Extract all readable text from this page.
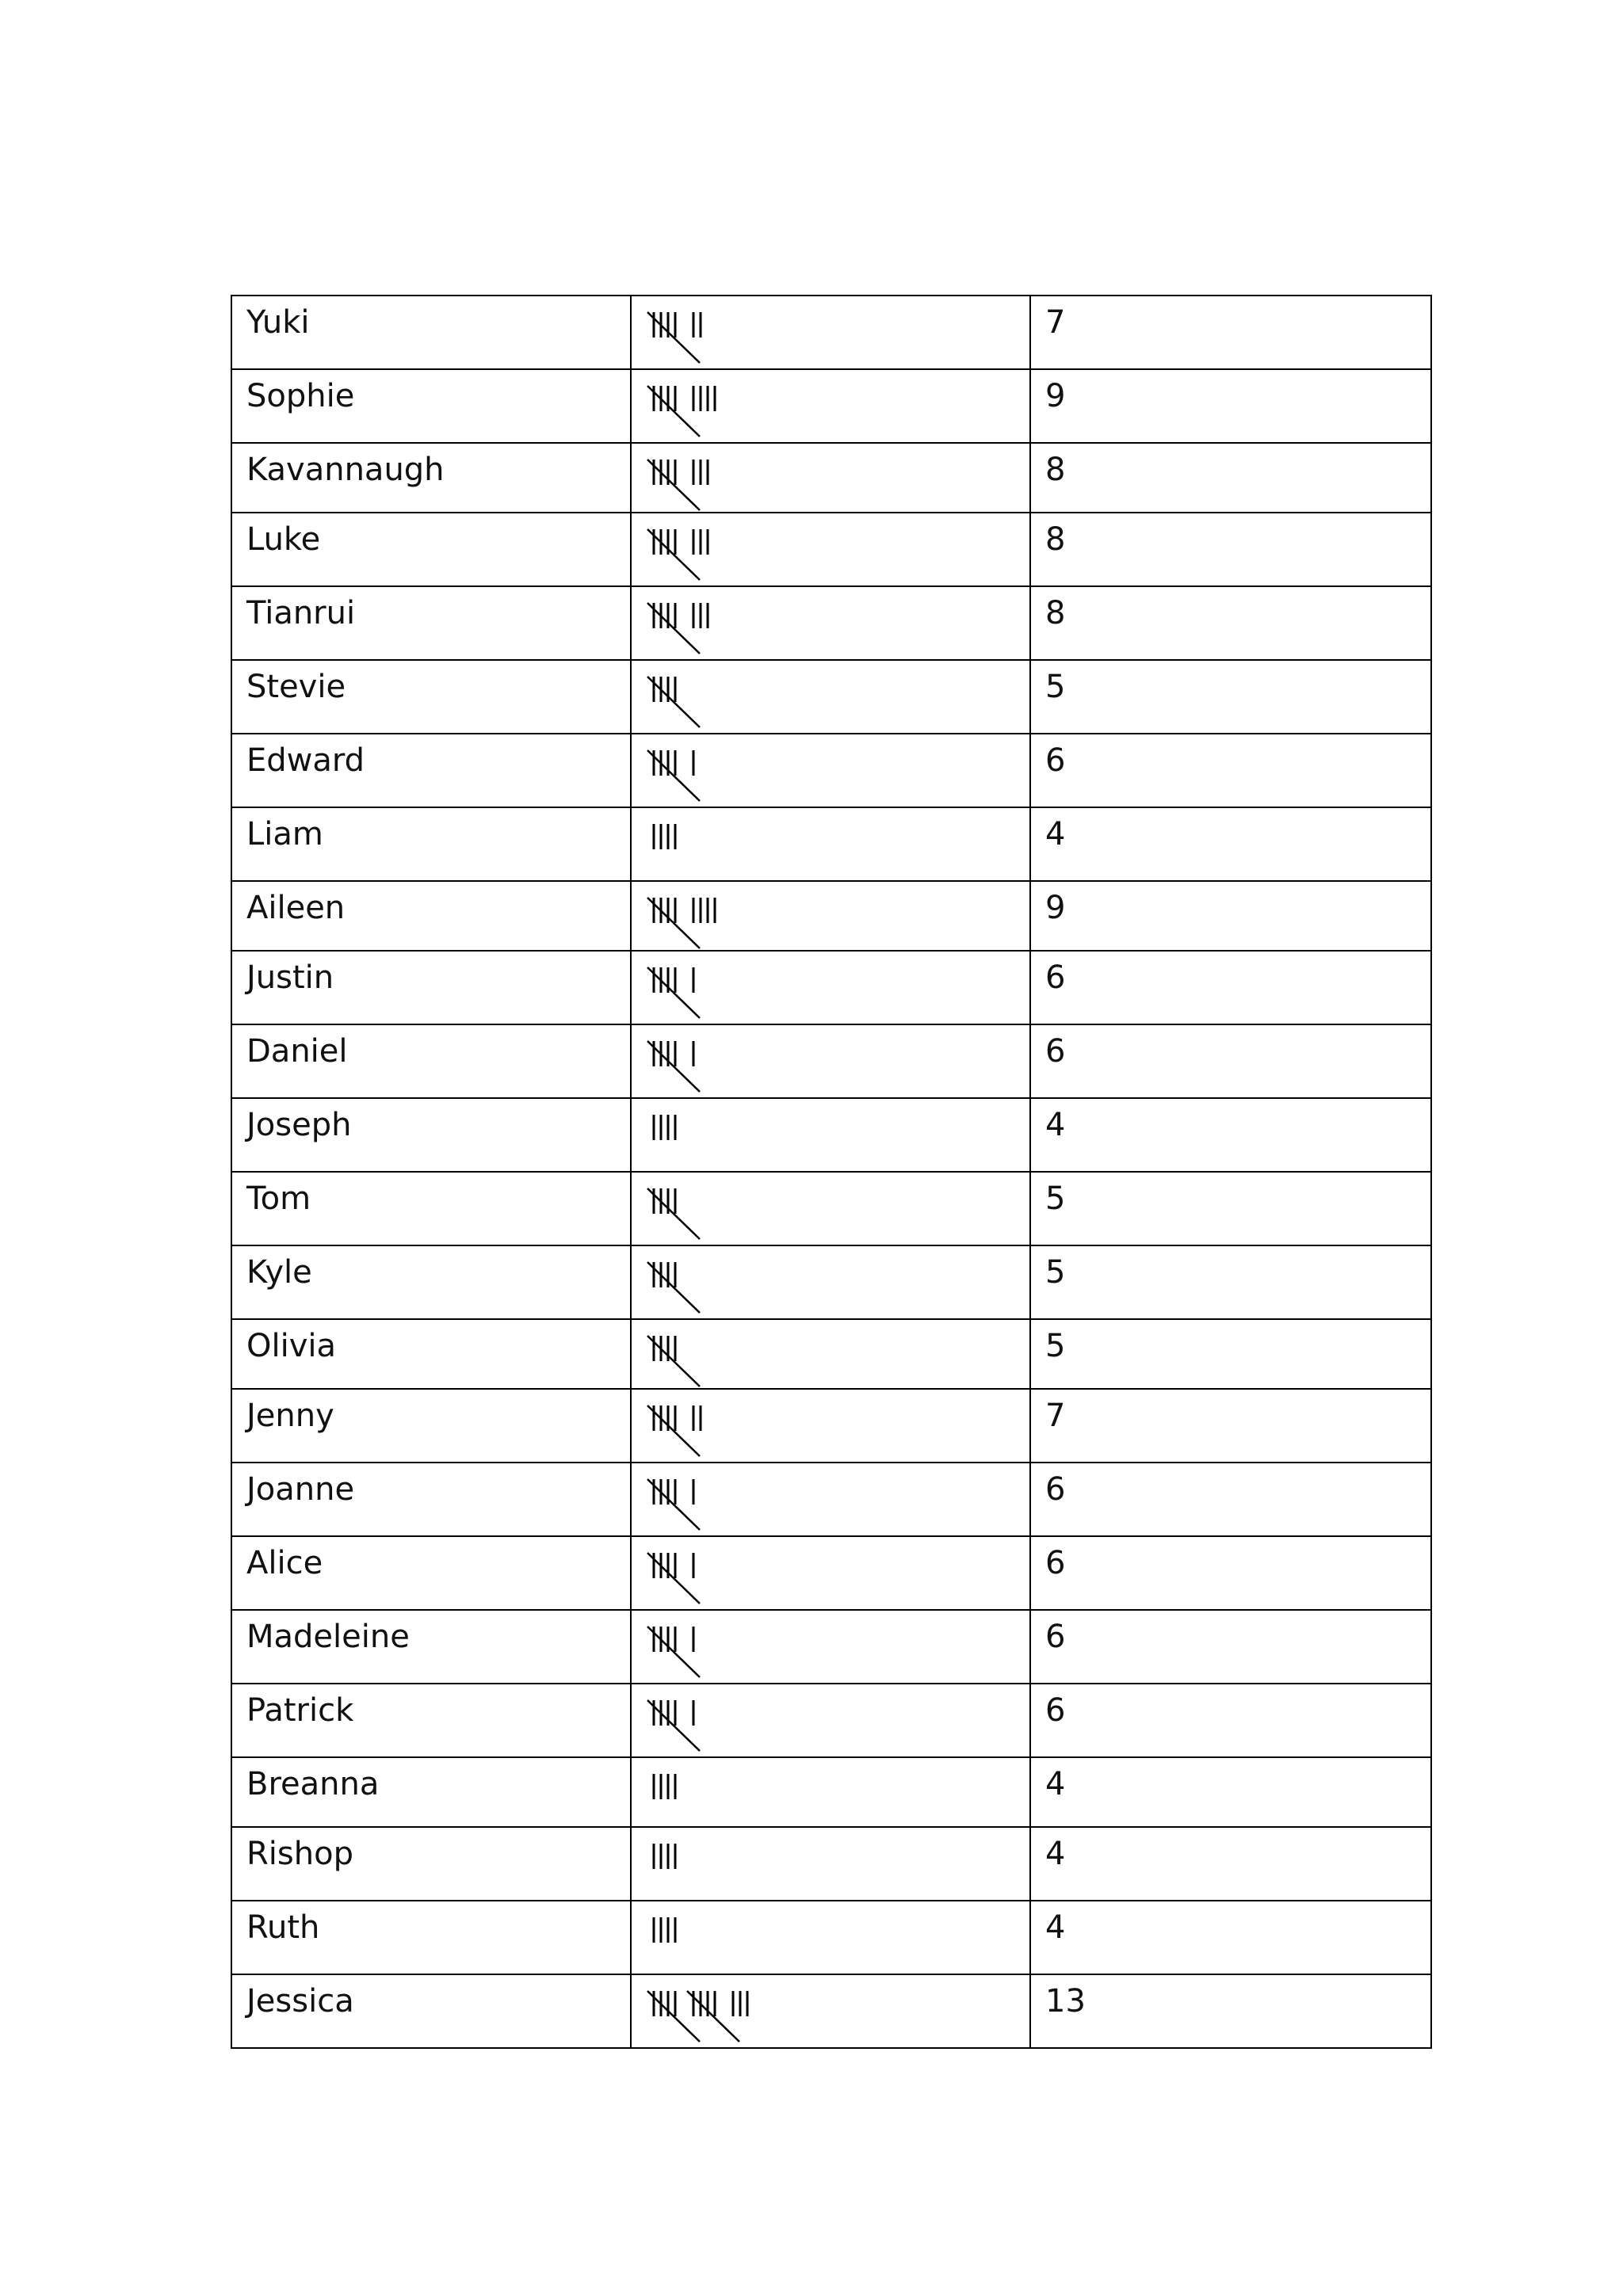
Yuki		7
Sophie		9
Kavannaugh		8
Luke		8
Tianrui		8
Stevie		5
Edward		6
Liam		4
Aileen		9
Justin		6
Daniel		6
Joseph		4
Tom		5
Kyle		5
Olivia		5
Jenny		7
Joanne		6
Alice		6
Madeleine		6
Patrick		6
Breanna		4
Rishop		4
Ruth		4
Jessica		13
